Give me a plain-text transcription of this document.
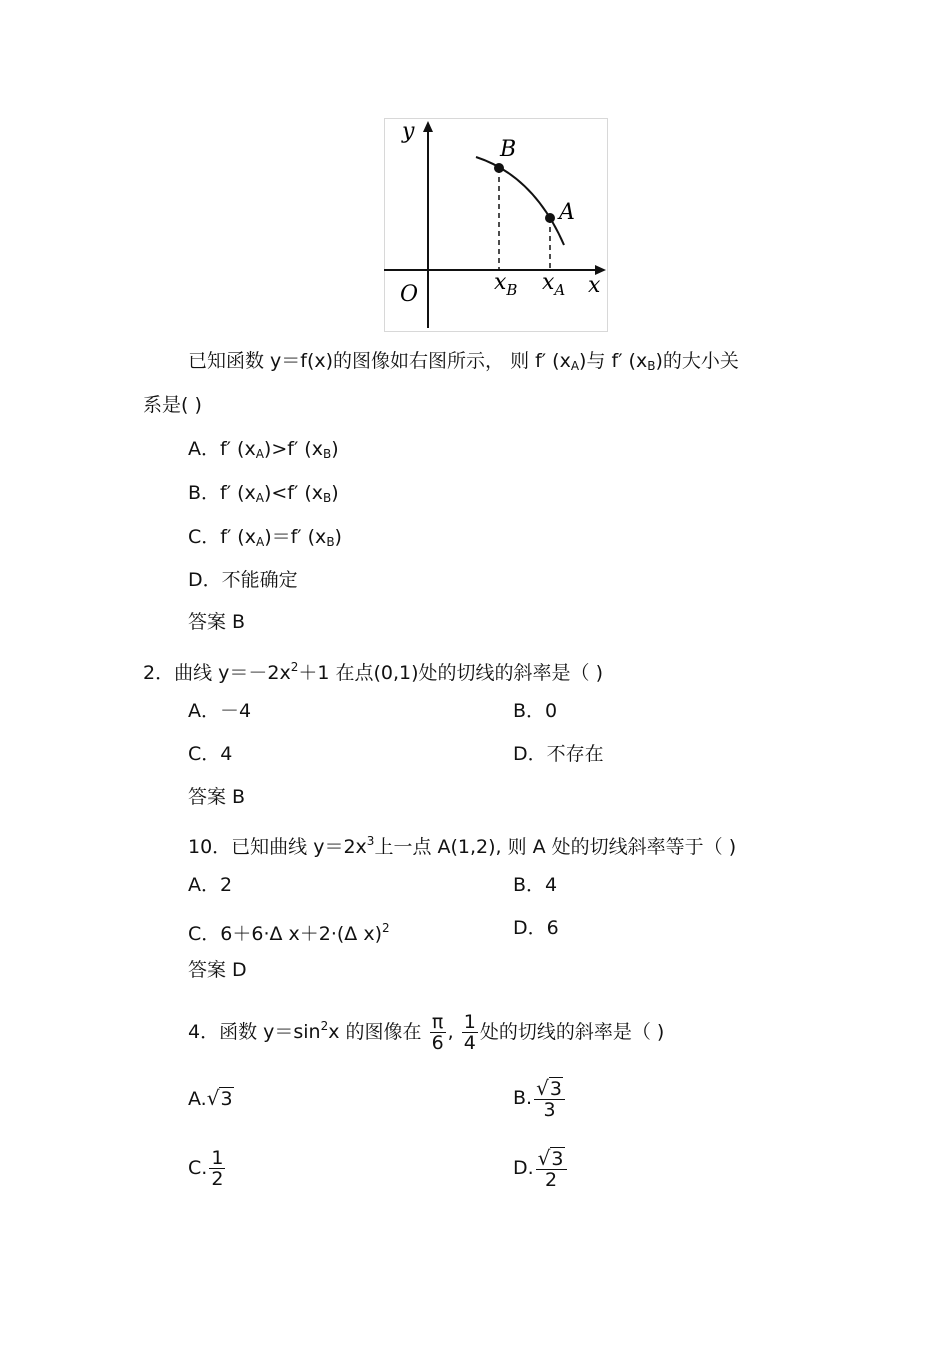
y
x
O
B
A
$x_B$ $x_A$
已知函数 y＝f(x)的图像如右图所示， 则 f′ $(x_A)$与 f′ $(x_B)$的大小关
系是( )
A．f′ $(x_A)>f'$ $(x_B)$
B．f′ $(x_A)<f'$ $(x_B)$
C．f′ $(x_A)=f'$ $(x_B)$
D．不能确定
答案 B
2．曲线 $y=-2x^2+1$ 在点(0,1)处的切线的斜率是（ )
A．－4	B．0
C．4	D．不存在
答案 B
10．已知曲线 $y=2x^3$上一点 A(1,2), 则 A 处的切线斜率等于（ )
A．2	B．4
C．6＋6·Δ x＋2·(Δ x)$^2$	D．6
答案 D
4．函数 $y=\sin^2x$ 的图像在 $\frac{\pi}{6}$ , $\frac{1}{4}$ 处的切线的斜率是（ )
A.√3	B. $\frac{√3}{3}$
C. $\frac{1}{2}$	D. $\frac{√3}{2}$
